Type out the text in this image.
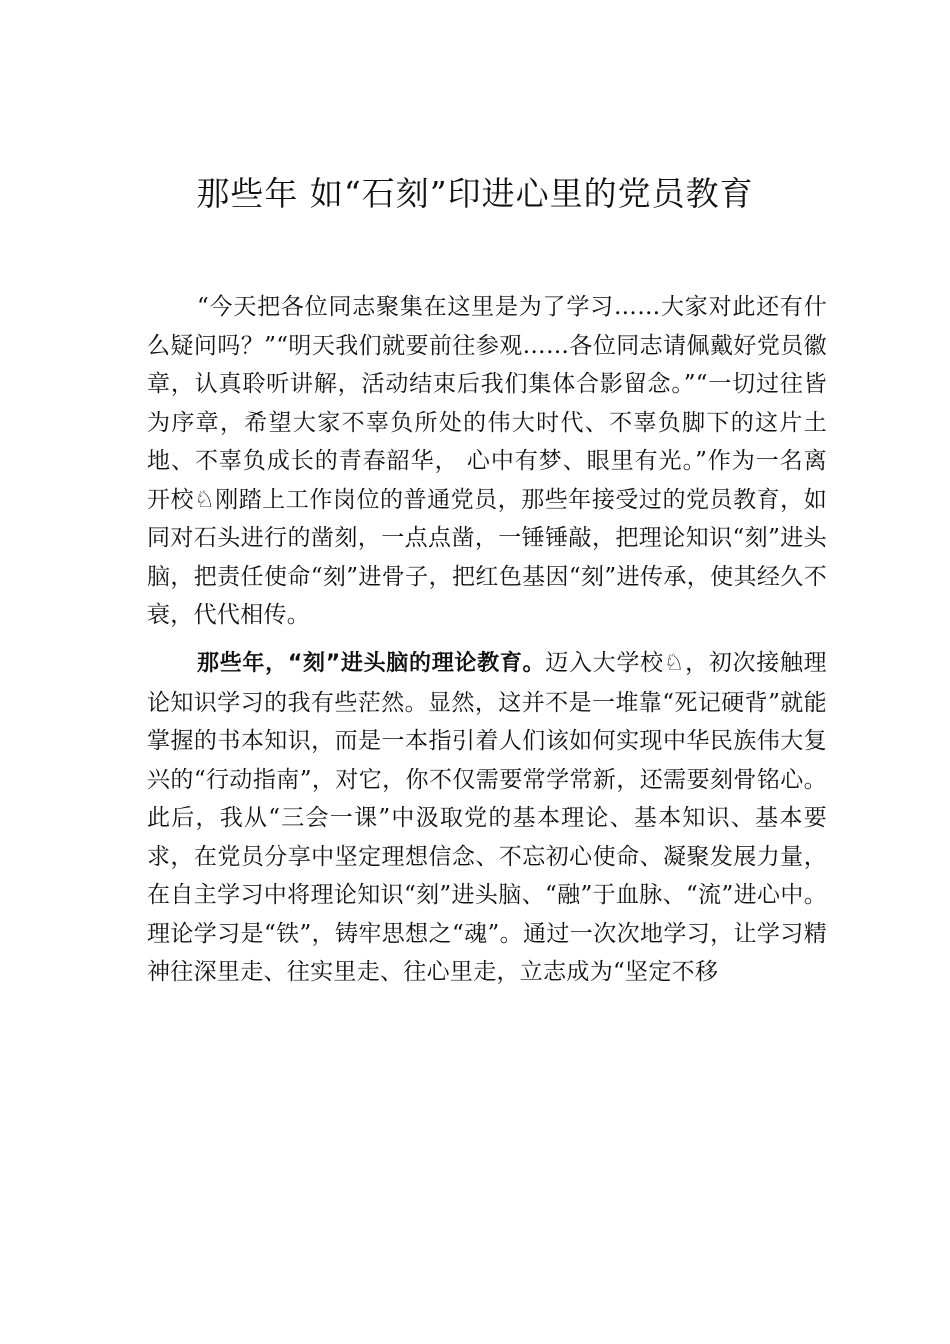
那些年 如“石刻”印进心里的党员教育

“今天把各位同志聚集在这里是为了学习……大家对此还有什么疑问吗？”“明天我们就要前往参观……各位同志请佩戴好党员徽章，认真聆听讲解，活动结束后我们集体合影留念。”“一切过往皆为序章，希望大家不辜负所处的伟大时代、不辜负脚下的这片土地、不辜负成长的青春韶华， 心中有梦、眼里有光。”作为一名离开校♘刚踏上工作岗位的普通党员，那些年接受过的党员教育，如同对石头进行的凿刻，一点点凿，一锤锤敲，把理论知识“刻”进头脑，把责任使命“刻”进骨子，把红色基因“刻”进传承，使其经久不衰，代代相传。

那些年，“刻”进头脑的理论教育。迈入大学校♘，初次接触理论知识学习的我有些茫然。显然，这并不是一堆靠“死记硬背”就能掌握的书本知识，而是一本指引着人们该如何实现中华民族伟大复兴的“行动指南”，对它，你不仅需要常学常新，还需要刻骨铭心。此后，我从“三会一课”中汲取党的基本理论、基本知识、基本要求，在党员分享中坚定理想信念、不忘初心使命、凝聚发展力量，在自主学习中将理论知识“刻”进头脑、“融”于血脉、“流”进心中。理论学习是“铁”，铸牢思想之“魂”。通过一次次地学习，让学习精神往深里走、往实里走、往心里走，立志成为“坚定不移
